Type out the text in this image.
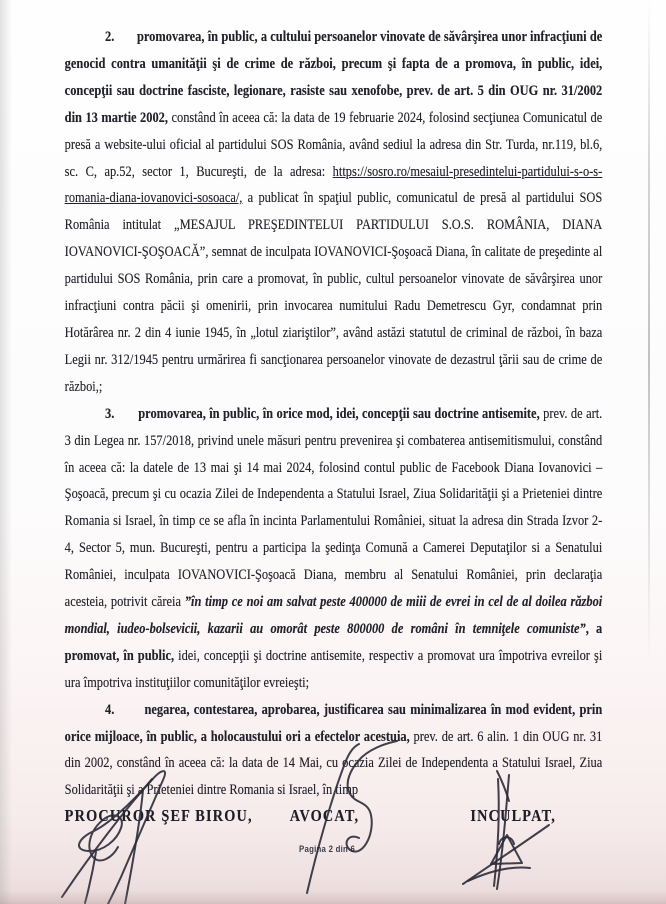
2.       promovarea, în public, a cultului persoanelor vinovate de săvârşirea unor infracţiuni de genocid contra umanităţii şi de crime de război, precum şi fapta de a promova, în public, idei, concepţii sau doctrine fasciste, legionare, rasiste sau xenofobe, prev. de art. 5 din OUG nr. 31/2002 din 13 martie 2002, constând în aceea că: la data de 19 februarie 2024, folosind secţiunea Comunicatul de presă a website-ului oficial al partidului SOS România, având sediul la adresa din Str. Turda, nr.119, bl.6, sc. C, ap.52, sector 1, Bucureşti, de la adresa: https://sosro.ro/mesaiul-presedintelui-partidului-s-o-s-romania-diana-iovanovici-sosoaca/, a publicat în spaţiul public, comunicatul de presă al partidului SOS România intitulat „MESAJUL PREŞEDINTELUI PARTIDULUI S.O.S. ROMÂNIA, DIANA IOVANOVICI-ŞOŞOACĂ”, semnat de inculpata IOVANOVICI-Şoşoacă Diana, în calitate de preşedinte al partidului SOS România, prin care a promovat, în public, cultul persoanelor vinovate de săvârşirea unor infracţiuni contra păcii şi omenirii, prin invocarea numitului Radu Demetrescu Gyr, condamnat prin Hotărârea nr. 2 din 4 iunie 1945, în „lotul ziariştilor”, având astăzi statutul de criminal de război, în baza Legii nr. 312/1945 pentru urmărirea fi sancţionarea persoanelor vinovate de dezastrul ţării sau de crime de război,;

3.       promovarea, în public, în orice mod, idei, concepţii sau doctrine antisemite, prev. de art. 3 din Legea nr. 157/2018, privind unele măsuri pentru prevenirea şi combaterea antisemitismului, constând în aceea că: la datele de 13 mai şi 14 mai 2024, folosind contul public de Facebook Diana Iovanovici – Şoşoacă, precum şi cu ocazia Zilei de Independenta a Statului Israel, Ziua Solidarităţii şi a Prieteniei dintre Romania si Israel, în timp ce se afla în incinta Parlamentului României, situat la adresa din Strada Izvor 2-4, Sector 5, mun. Bucureşti, pentru a participa la şedinţa Comună a Camerei Deputaţilor si a Senatului României, inculpata IOVANOVICI-Şoşoacă Diana, membru al Senatului României, prin declaraţia acesteia, potrivit căreia ”în timp ce noi am salvat peste 400000 de miii de evrei in cel de al doilea război mondial, iudeo-bolsevicii, kazarii au omorât peste 800000 de români în temniţele comuniste”, a promovat, în public, idei, concepţii şi doctrine antisemite, respectiv a promovat ura împotriva evreilor şi ura împotriva instituţiilor comunităţilor evreieşti;

4.       negarea, contestarea, aprobarea, justificarea sau minimalizarea în mod evident, prin orice mijloace, în public, a holocaustului ori a efectelor acestuia, prev. de art. 6 alin. 1 din OUG nr. 31 din 2002, constând în aceea că: la data de 14 Mai, cu ocazia Zilei de Independenta a Statului Israel, Ziua Solidarităţii şi a Prieteniei dintre Romania si Israel, în timp

PROCUROR ŞEF BIROU, AVOCAT,	INCULPAT,
Pagina 2 din 6
